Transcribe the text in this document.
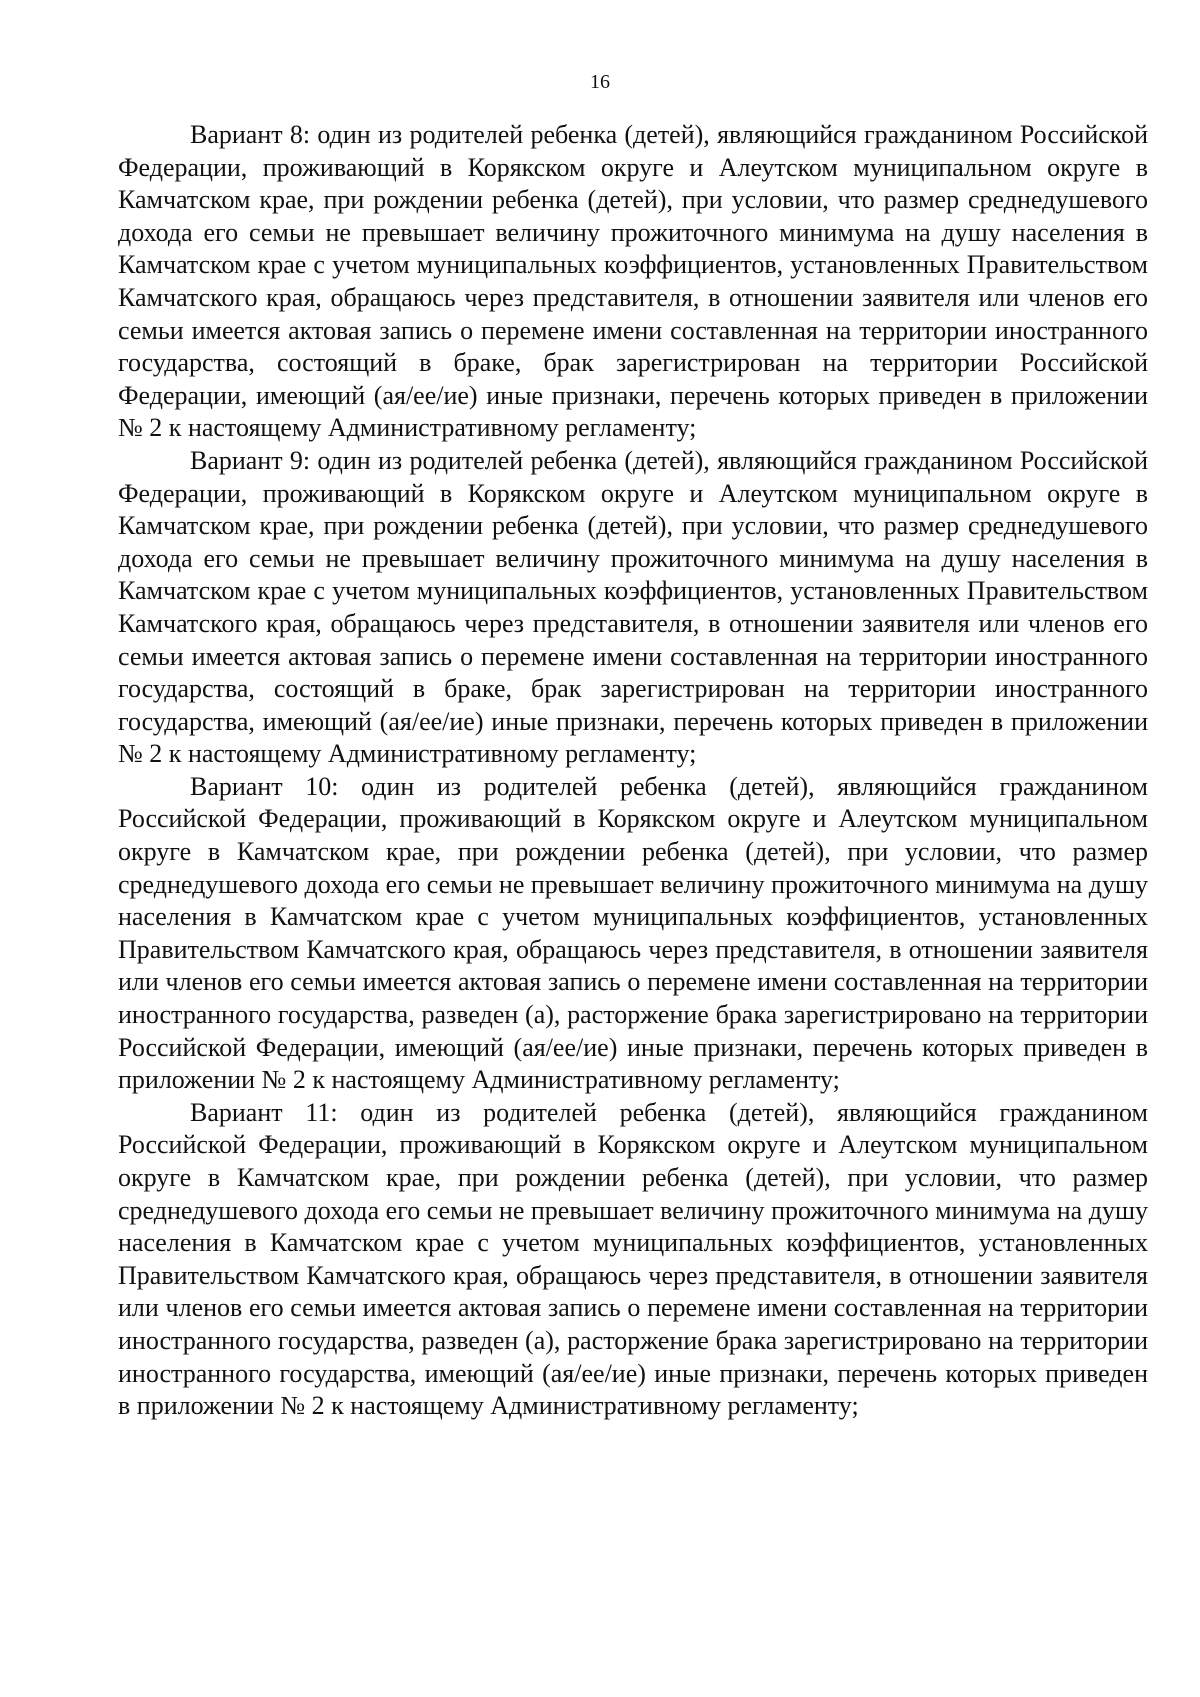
16

Вариант 8: один из родителей ребенка (детей), являющийся гражданином Российской Федерации, проживающий в Корякском округе и Алеутском муниципальном округе в Камчатском крае, при рождении ребенка (детей), при условии, что размер среднедушевого дохода его семьи не превышает величину прожиточного минимума на душу населения в Камчатском крае с учетом муниципальных коэффициентов, установленных Правительством Камчатского края, обращаюсь через представителя, в отношении заявителя или членов его семьи имеется актовая запись о перемене имени составленная на территории иностранного государства, состоящий в браке, брак зарегистрирован на территории Российской Федерации, имеющий (ая/ее/ие) иные признаки, перечень которых приведен в приложении № 2 к настоящему Административному регламенту;

Вариант 9: один из родителей ребенка (детей), являющийся гражданином Российской Федерации, проживающий в Корякском округе и Алеутском муниципальном округе в Камчатском крае, при рождении ребенка (детей), при условии, что размер среднедушевого дохода его семьи не превышает величину прожиточного минимума на душу населения в Камчатском крае с учетом муниципальных коэффициентов, установленных Правительством Камчатского края, обращаюсь через представителя, в отношении заявителя или членов его семьи имеется актовая запись о перемене имени составленная на территории иностранного государства, состоящий в браке, брак зарегистрирован на территории иностранного государства, имеющий (ая/ее/ие) иные признаки, перечень которых приведен в приложении № 2 к настоящему Административному регламенту;

Вариант 10: один из родителей ребенка (детей), являющийся гражданином Российской Федерации, проживающий в Корякском округе и Алеутском муниципальном округе в Камчатском крае, при рождении ребенка (детей), при условии, что размер среднедушевого дохода его семьи не превышает величину прожиточного минимума на душу населения в Камчатском крае с учетом муниципальных коэффициентов, установленных Правительством Камчатского края, обращаюсь через представителя, в отношении заявителя или членов его семьи имеется актовая запись о перемене имени составленная на территории иностранного государства, разведен (а), расторжение брака зарегистрировано на территории Российской Федерации, имеющий (ая/ее/ие) иные признаки, перечень которых приведен в приложении № 2 к настоящему Административному регламенту;

Вариант 11: один из родителей ребенка (детей), являющийся гражданином Российской Федерации, проживающий в Корякском округе и Алеутском муниципальном округе в Камчатском крае, при рождении ребенка (детей), при условии, что размер среднедушевого дохода его семьи не превышает величину прожиточного минимума на душу населения в Камчатском крае с учетом муниципальных коэффициентов, установленных Правительством Камчатского края, обращаюсь через представителя, в отношении заявителя или членов его семьи имеется актовая запись о перемене имени составленная на территории иностранного государства, разведен (а), расторжение брака зарегистрировано на территории иностранного государства, имеющий (ая/ее/ие) иные признаки, перечень которых приведен в приложении № 2 к настоящему Административному регламенту;
